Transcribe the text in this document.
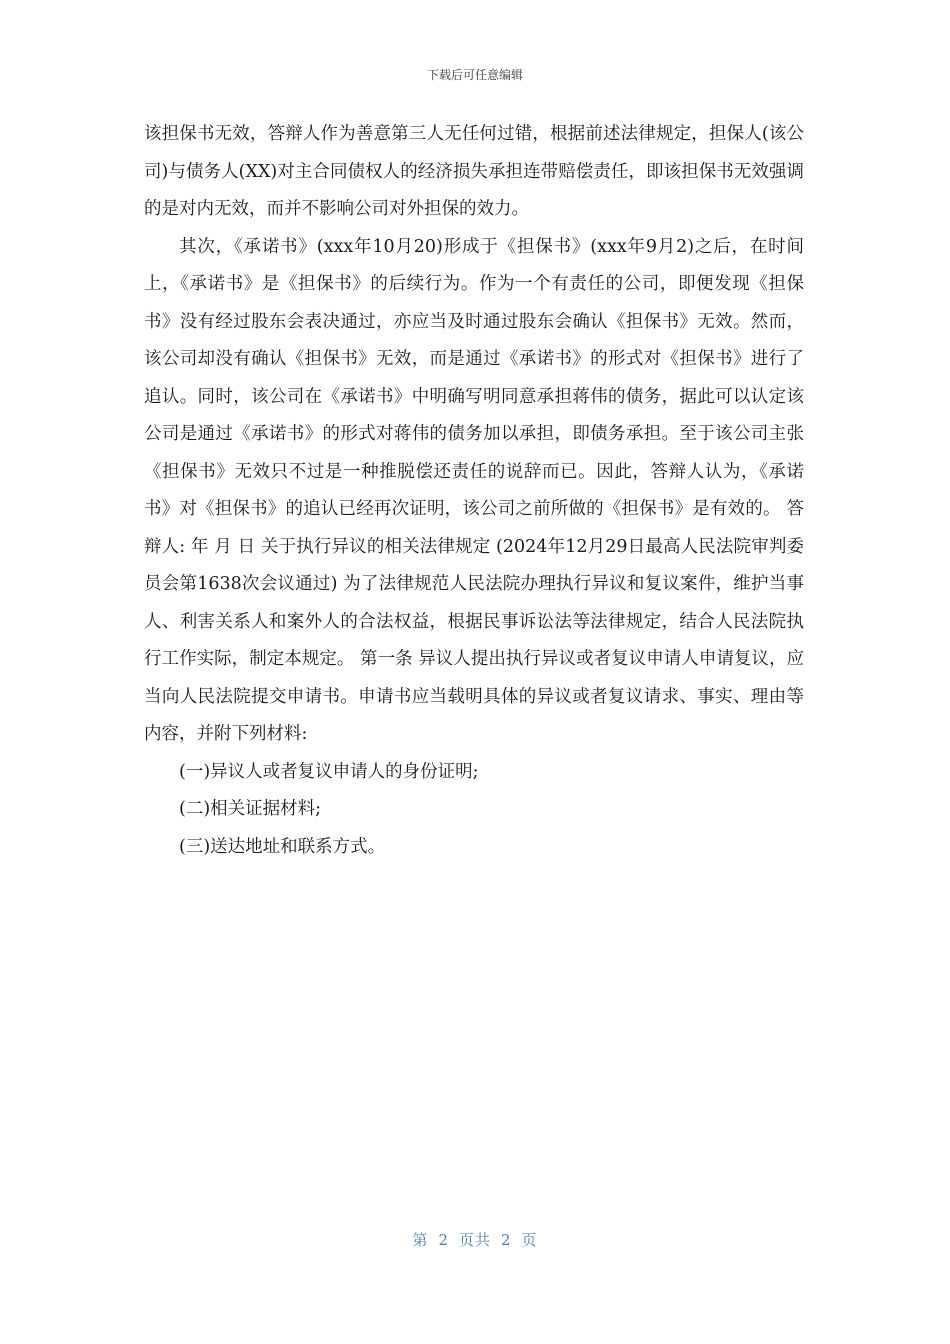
下载后可任意编辑

该担保书无效，答辩人作为善意第三人无任何过错，根据前述法律规定，担保人(该公司)与债务人(XX)对主合同债权人的经济损失承担连带赔偿责任，即该担保书无效强调的是对内无效，而并不影响公司对外担保的效力。

其次，《承诺书》(xxx年10月20)形成于《担保书》(xxx年9月2)之后，在时间上，《承诺书》是《担保书》的后续行为。作为一个有责任的公司，即便发现《担保书》没有经过股东会表决通过，亦应当及时通过股东会确认《担保书》无效。然而，该公司却没有确认《担保书》无效，而是通过《承诺书》的形式对《担保书》进行了追认。同时，该公司在《承诺书》中明确写明同意承担蒋伟的债务，据此可以认定该公司是通过《承诺书》的形式对蒋伟的债务加以承担，即债务承担。至于该公司主张《担保书》无效只不过是一种推脱偿还责任的说辞而已。因此，答辩人认为，《承诺书》对《担保书》的追认已经再次证明，该公司之前所做的《担保书》是有效的。 答辩人: 年 月 日 关于执行异议的相关法律规定 (2024年12月29日最高人民法院审判委员会第1638次会议通过) 为了法律规范人民法院办理执行异议和复议案件，维护当事人、利害关系人和案外人的合法权益，根据民事诉讼法等法律规定，结合人民法院执行工作实际，制定本规定。 第一条 异议人提出执行异议或者复议申请人申请复议，应当向人民法院提交申请书。申请书应当载明具体的异议或者复议请求、事实、理由等内容，并附下列材料:

(一)异议人或者复议申请人的身份证明;

(二)相关证据材料;

(三)送达地址和联系方式。

第 2 页共 2 页
